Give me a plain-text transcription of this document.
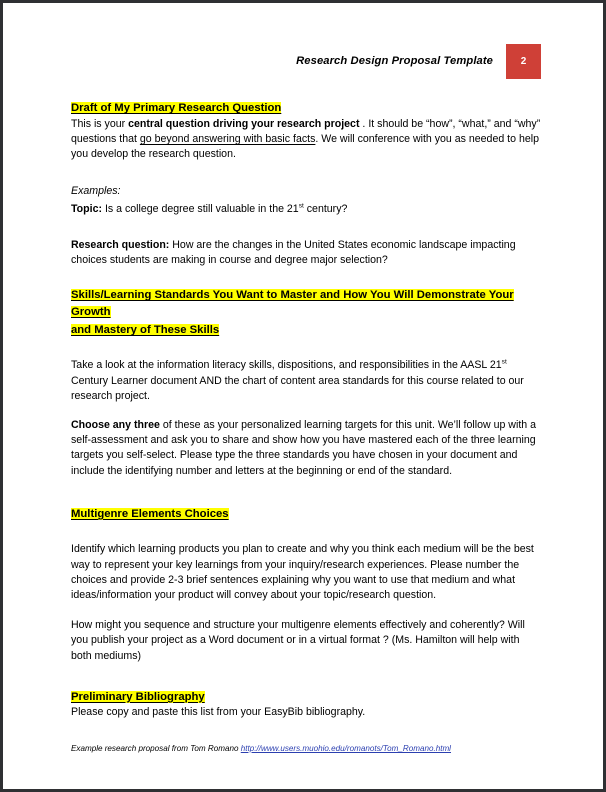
Research Design Proposal Template	2
Draft of My Primary Research Question

This is your central question driving your research project . It should be “how”, “what,” and “why” questions that go beyond answering with basic facts. We will conference with you as needed to help you develop the research question.

Examples:

Topic: Is a college degree still valuable in the 21st century?

Research question: How are the changes in the United States economic landscape impacting choices students are making in course and degree major selection?

Skills/Learning Standards You Want to Master and How You Will Demonstrate Your Growth
and Mastery of These Skills

Take a look at the information literacy skills, dispositions, and responsibilities in the AASL 21st Century Learner document AND the chart of content area standards for this course related to our research project.

Choose any three of these as your personalized learning targets for this unit. We’ll follow up with a self-assessment and ask you to share and show how you have mastered each of the three learning targets you self-select. Please type the three standards you have chosen in your document and include the identifying number and letters at the beginning or end of the standard.

Multigenre Elements Choices

Identify which learning products you plan to create and why you think each medium will be the best way to represent your key learnings from your inquiry/research experiences. Please number the choices and provide 2-3 brief sentences explaining why you want to use that medium and what ideas/information your product will convey about your topic/research question.

How might you sequence and structure your multigenre elements effectively and coherently? Will you publish your project as a Word document or in a virtual format ? (Ms. Hamilton will help with both mediums)

Preliminary Bibliography

Please copy and paste this list from your EasyBib bibliography.

Example research proposal from Tom Romano http://www.users.muohio.edu/romanots/Tom_Romano.html
